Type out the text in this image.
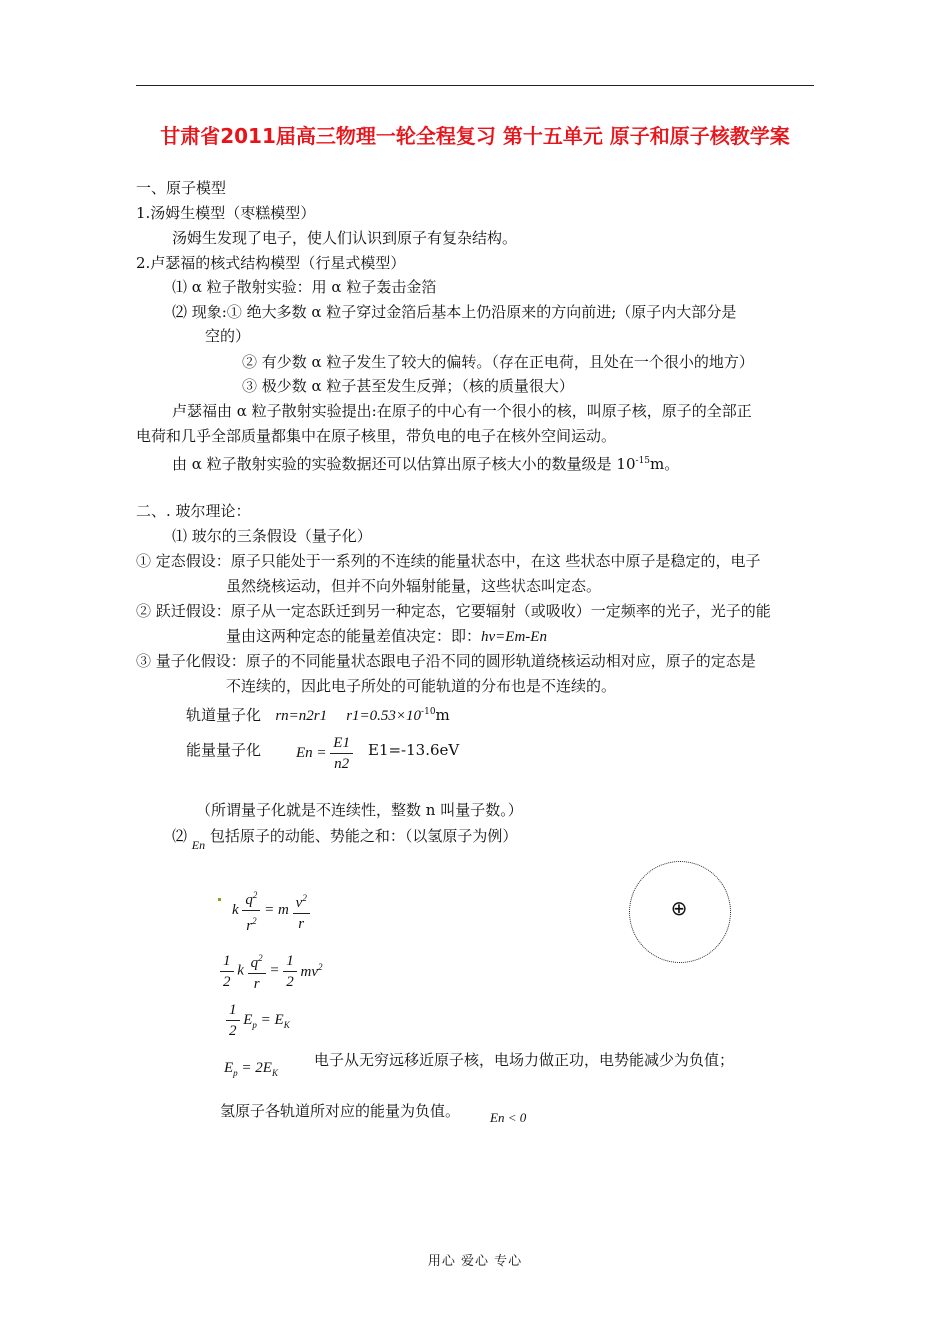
甘肃省2011届高三物理一轮全程复习 第十五单元 原子和原子核教学案
一、原子模型
1.汤姆生模型（枣糕模型）
汤姆生发现了电子，使人们认识到原子有复杂结构。
2.卢瑟福的核式结构模型（行星式模型）
⑴ α 粒子散射实验：用 α 粒子轰击金箔
⑵ 现象:① 绝大多数 α 粒子穿过金箔后基本上仍沿原来的方向前进;（原子内大部分是
空的）
② 有少数 α 粒子发生了较大的偏转。（存在正电荷，且处在一个很小的地方）
③ 极少数 α 粒子甚至发生反弹；（核的质量很大）
卢瑟福由 α 粒子散射实验提出:在原子的中心有一个很小的核，叫原子核，原子的全部正
电荷和几乎全部质量都集中在原子核里，带负电的电子在核外空间运动。
由 α 粒子散射实验的实验数据还可以估算出原子核大小的数量级是 $10^{-15}m$。
二、. 玻尔理论：
⑴ 玻尔的三条假设（量子化）
① 定态假设：原子只能处于一系列的不连续的能量状态中，在这 些状态中原子是稳定的，电子
虽然绕核运动，但并不向外辐射能量，这些状态叫定态。
② 跃迁假设：原子从一定态跃迁到另一种定态，它要辐射（或吸收）一定频率的光子，光子的能
量由这两种定态的能量差值决定：即：hν=Em-En
③ 量子化假设：原子的不同能量状态跟电子沿不同的圆形轨道绕核运动相对应，原子的定态是
不连续的，因此电子所处的可能轨道的分布也是不连续的。
轨道量子化 rn=n2r1 $r1=0.53\times 10^{-10}m$
能量量子化 $En = \frac{E1}{n2} E1=-13.6eV$
（所谓量子化就是不连续性，整数 n 叫量子数。）
⑵ $_{En}$ 包括原子的动能、势能之和：（以氢原子为例）
k $\frac{q^2}{r^2} = m \frac{v^2}{r}$
$\frac{1}{2}$ k $\frac{q^2}{r} = \frac{1}{2} mv^2$
$\frac{1}{2} E_p = E_K$
$E_p = 2E_K$
电子从无穷远移近原子核，电场力做正功，电势能减少为负值；
氢原子各轨道所对应的能量为负值。 En < 0
⊕
用心 爱心 专心
